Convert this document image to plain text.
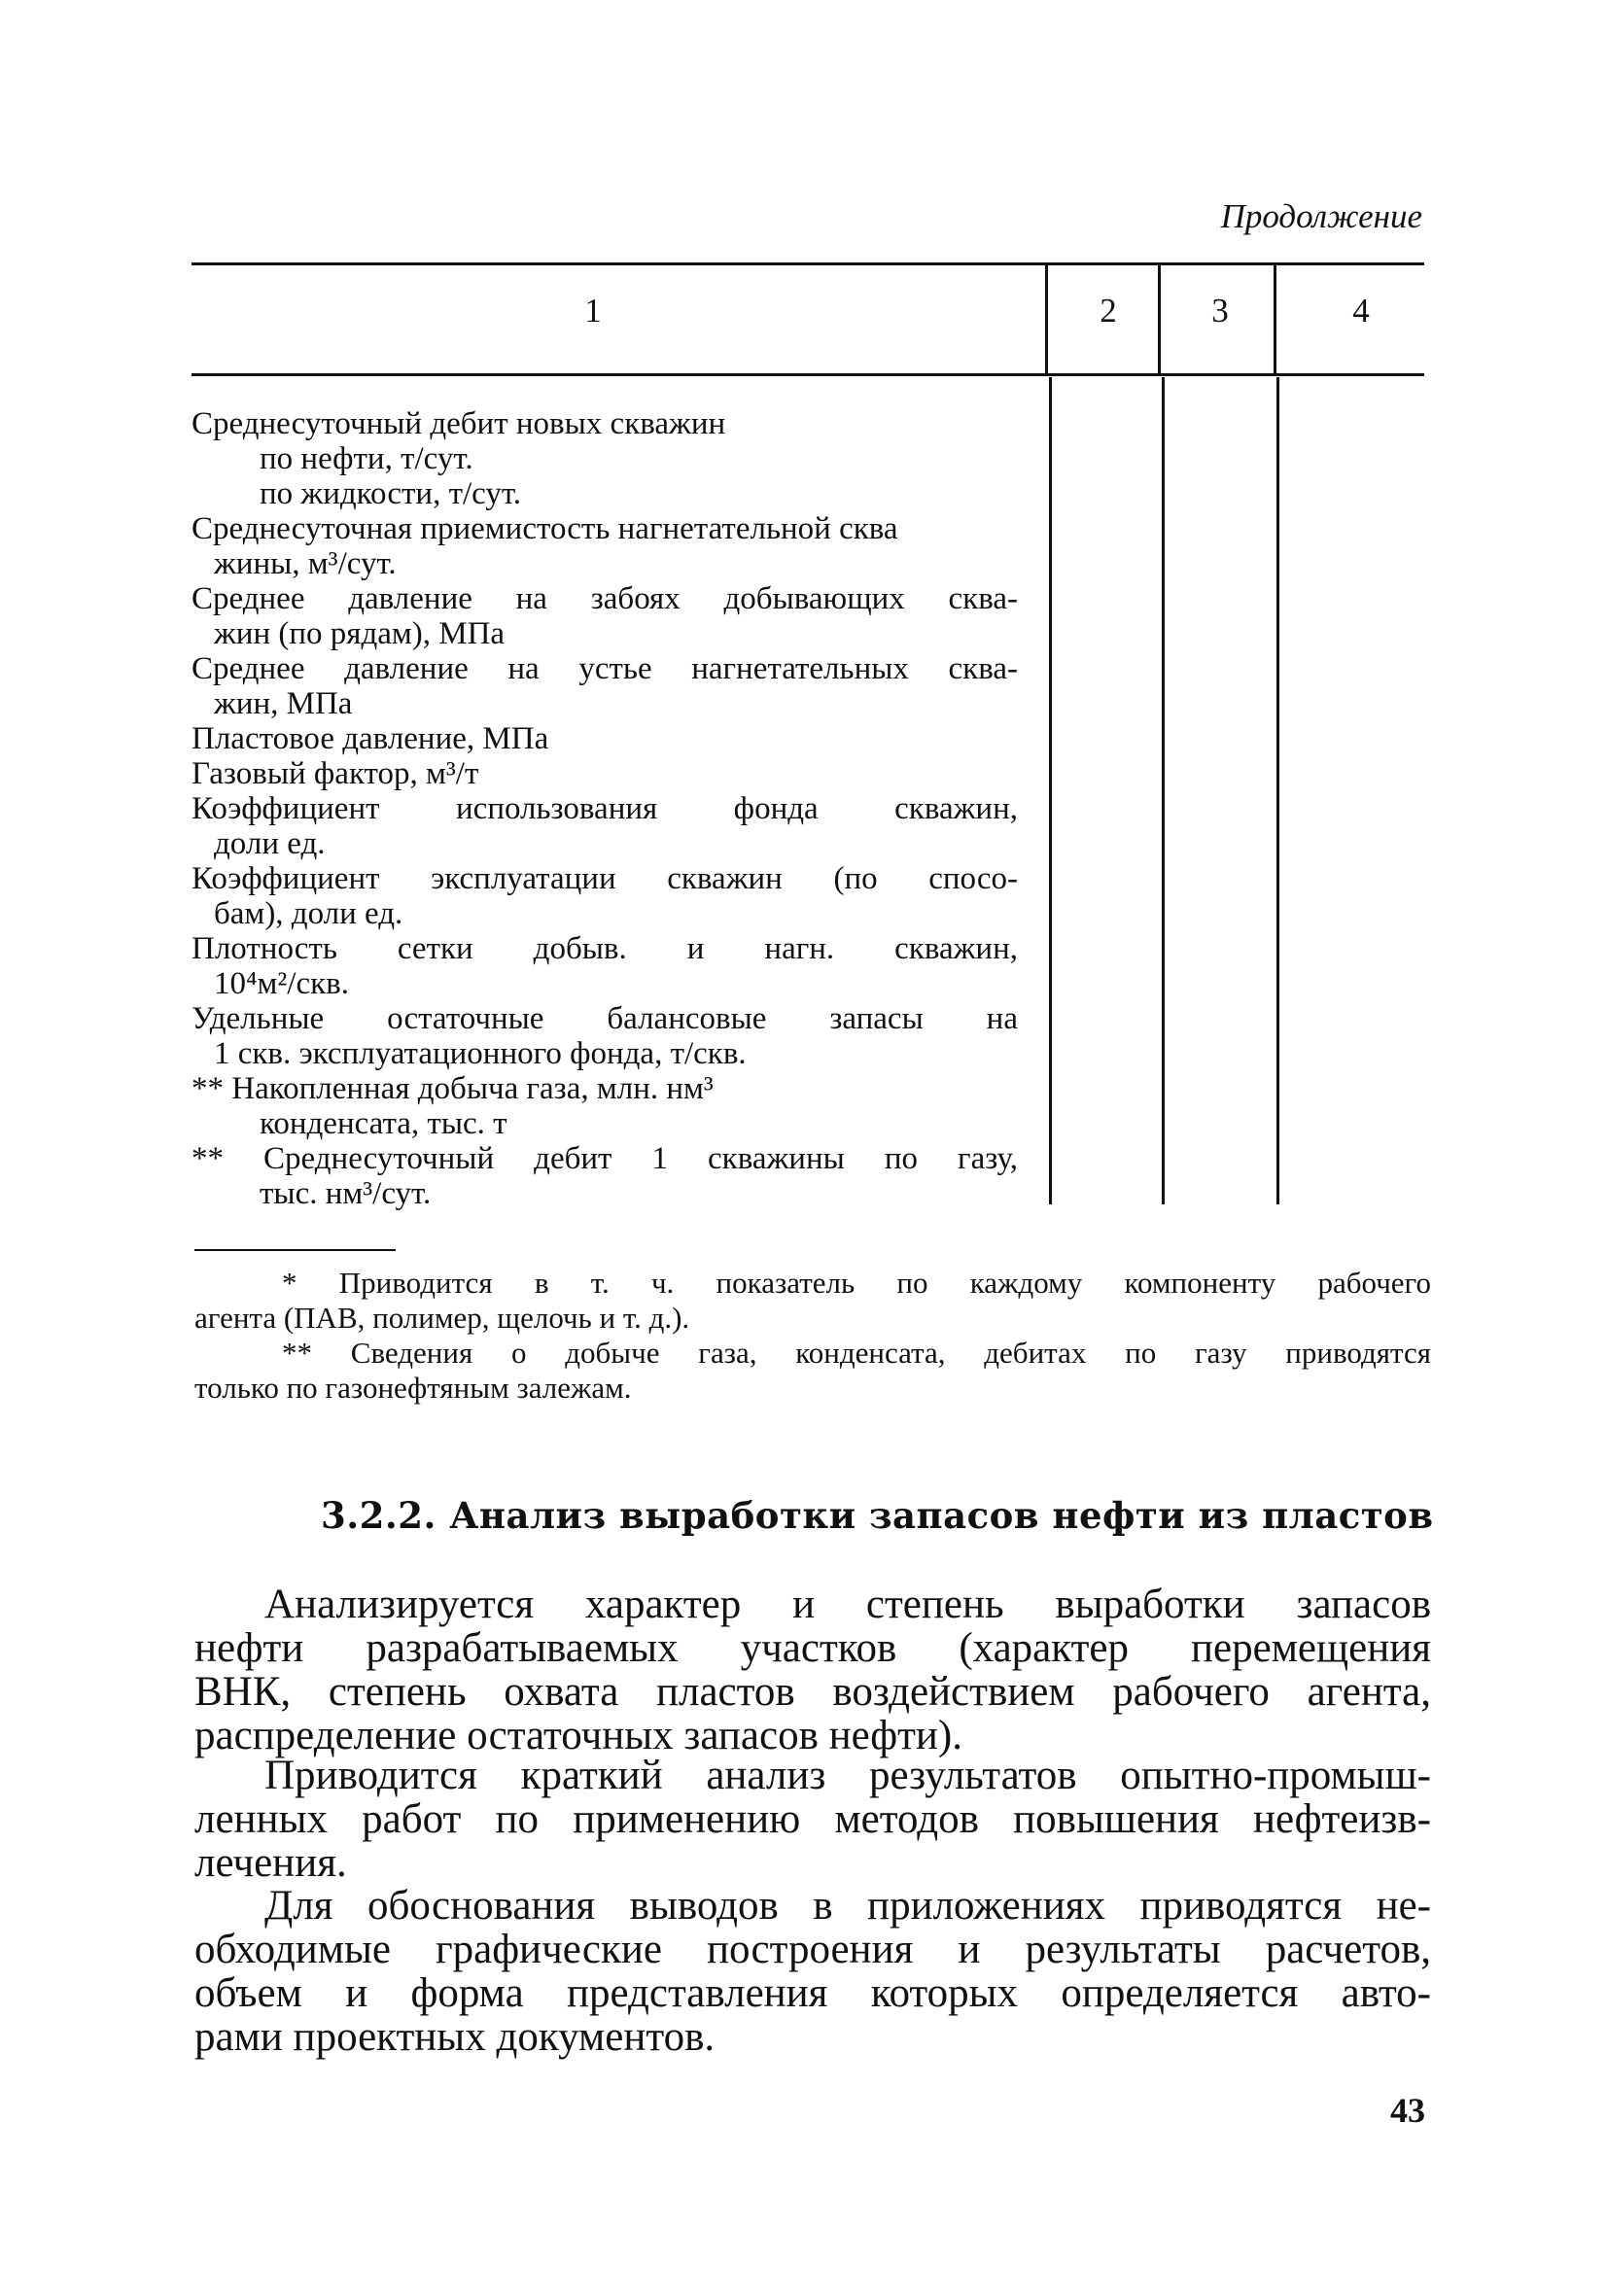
Продолжение
1	2	3	4
Среднесуточный дебит новых скважин
по нефти, т/сут.
по жидкости, т/сут.
Среднесуточная приемистость нагнетательной сква
жины, м³/сут.
Среднее давление на забоях добывающих сква-
жин (по рядам), МПа
Среднее давление на устье нагнетательных сква-
жин, МПа
Пластовое давление, МПа
Газовый фактор, м³/т
Коэффициент использования фонда скважин,
доли ед.
Коэффициент эксплуатации скважин (по спосо-
бам), доли ед.
Плотность сетки добыв. и нагн. скважин,
10⁴м²/скв.
Удельные остаточные балансовые запасы на
1 скв. эксплуатационного фонда, т/скв.
** Накопленная добыча газа, млн. нм³
конденсата, тыс. т
** Среднесуточный дебит 1 скважины по газу,
тыс. нм³/сут.
* Приводится в т. ч. показатель по каждому компоненту рабочего
агента (ПАВ, полимер, щелочь и т. д.).
** Сведения о добыче газа, конденсата, дебитах по газу приводятся
только по газонефтяным залежам.
3.2.2. Анализ выработки запасов нефти из пластов
Анализируется характер и степень выработки запасов
нефти разрабатываемых участков (характер перемещения
ВНК, степень охвата пластов воздействием рабочего агента,
распределение остаточных запасов нефти).
Приводится краткий анализ результатов опытно-промыш-
ленных работ по применению методов повышения нефтеизв-
лечения.
Для обоснования выводов в приложениях приводятся не-
обходимые графические построения и результаты расчетов,
объем и форма представления которых определяется авто-
рами проектных документов.
43
